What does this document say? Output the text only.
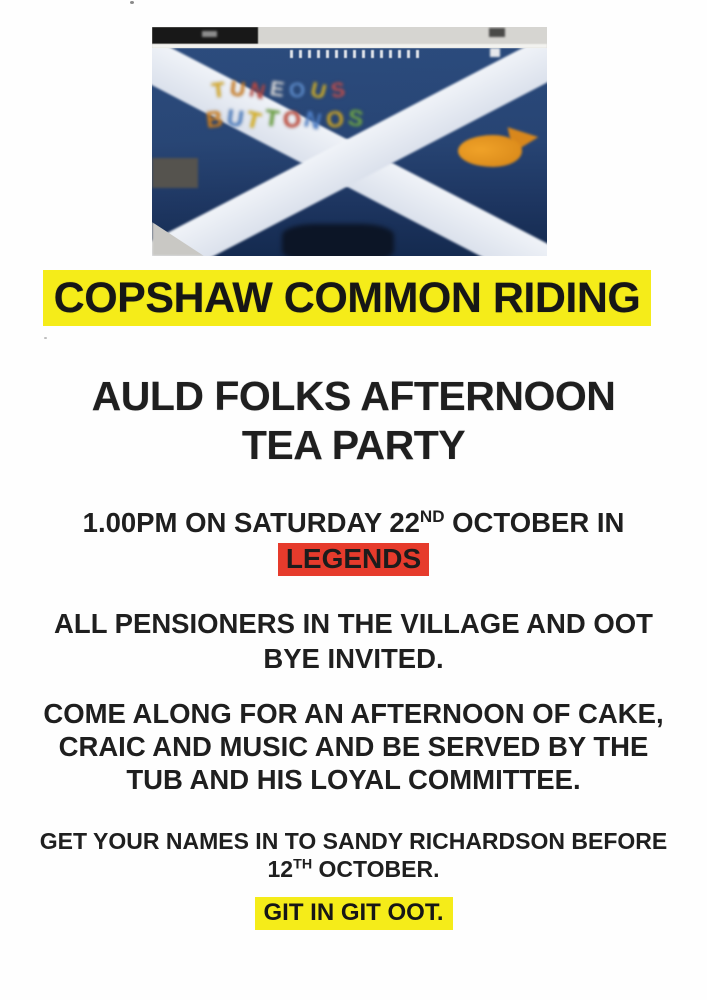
T U
N E O
U S
B U
T
T O
N O S
COPSHAW COMMON RIDING
AULD FOLKS AFTERNOON
TEA PARTY
1.00PM ON SATURDAY 22ND OCTOBER IN
LEGENDS
ALL PENSIONERS IN THE VILLAGE AND OOT
BYE INVITED.
COME ALONG FOR AN AFTERNOON OF CAKE,
CRAIC AND MUSIC AND BE SERVED BY THE
TUB AND HIS LOYAL COMMITTEE.
GET YOUR NAMES IN TO SANDY RICHARDSON BEFORE
12TH OCTOBER.
GIT IN GIT OOT.
